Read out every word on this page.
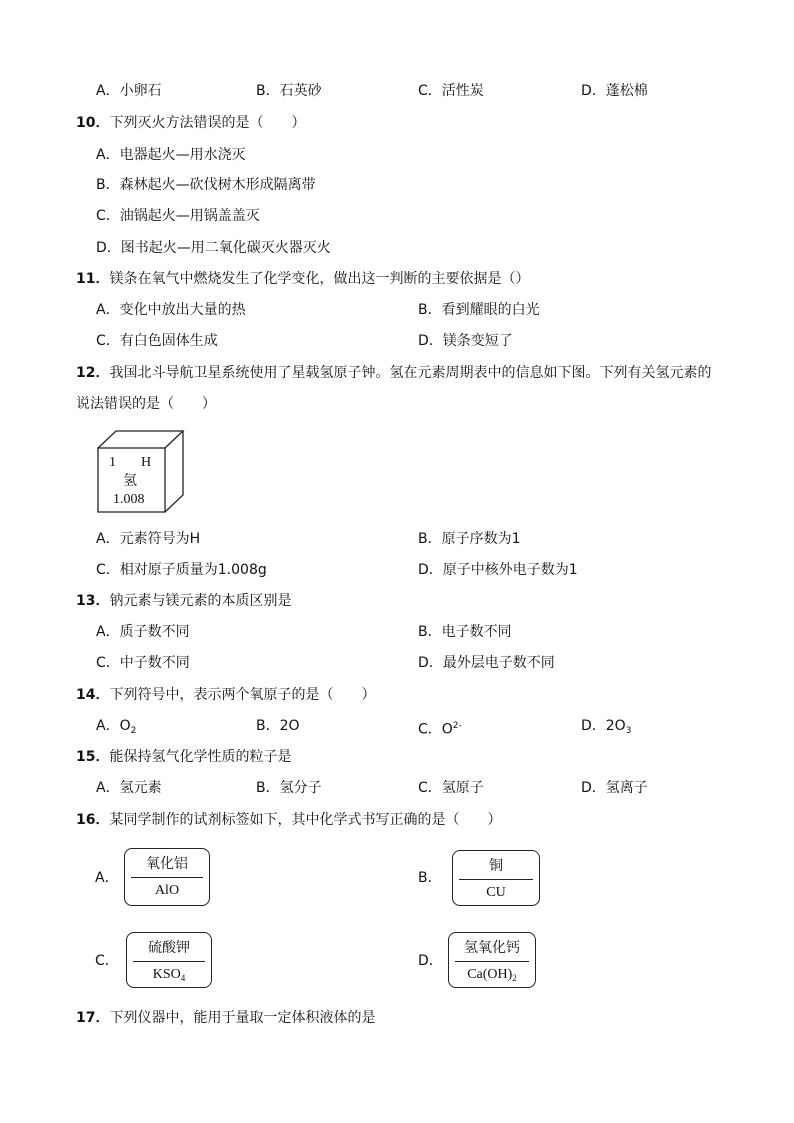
A．小卵石	B．石英砂	C．活性炭	D．蓬松棉
10．下列灭火方法错误的是（　　）
A．电器起火—用水浇灭
B．森林起火—砍伐树木形成隔离带
C．油锅起火—用锅盖盖灭
D．图书起火—用二氧化碳灭火器灭火
11．镁条在氧气中燃烧发生了化学变化，做出这一判断的主要依据是（）
A．变化中放出大量的热	B．看到耀眼的白光
C．有白色固体生成	D．镁条变短了
12．我国北斗导航卫星系统使用了星载氢原子钟。氢在元素周期表中的信息如下图。下列有关氢元素的
说法错误的是（　　）
1 H
氢
1.008
A．元素符号为H	B．原子序数为1
C．相对原子质量为1.008g	D．原子中核外电子数为1
13．钠元素与镁元素的本质区别是
A．质子数不同	B．电子数不同
C．中子数不同	D．最外层电子数不同
14．下列符号中，表示两个氧原子的是（　　）
A．$O_2$	B．2O	C．$O^{2-}$	D．$2O_3$
15．能保持氢气化学性质的粒子是
A．氢元素	B．氢分子	C．氢原子	D．氢离子
16．某同学制作的试剂标签如下，其中化学式书写正确的是（　　）
A．
氧化铝
AlO
B．
铜
CU
C．
硫酸钾
$KSO_4$
D．
氢氧化钙
$Ca(OH)_2$
17．下列仪器中，能用于量取一定体积液体的是
